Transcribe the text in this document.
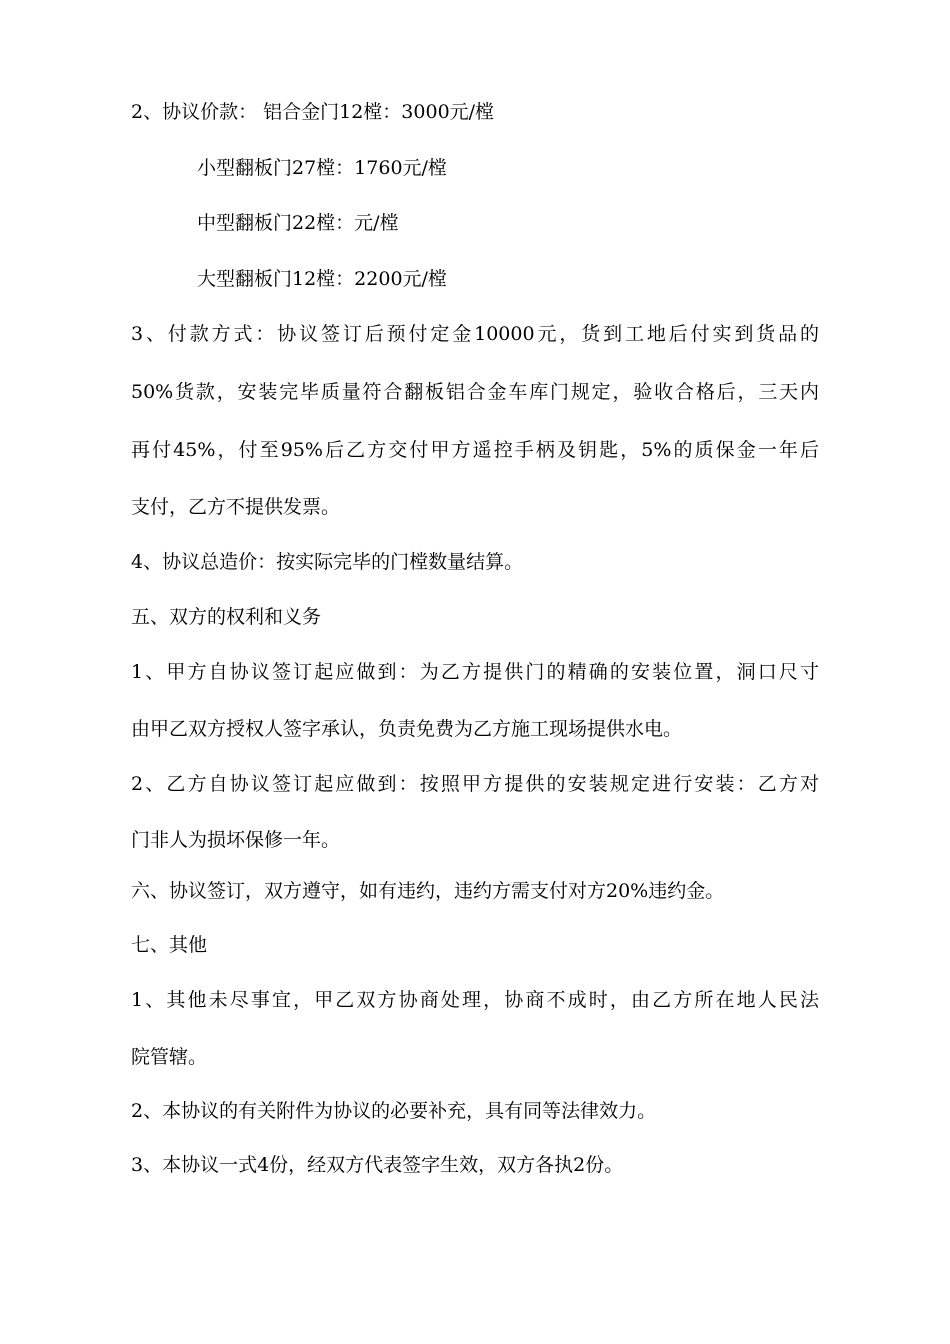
2、协议价款： 铝合金门12樘：3000元/樘
小型翻板门27樘：1760元/樘
中型翻板门22樘：元/樘
大型翻板门12樘：2200元/樘
3、付款方式：协议签订后预付定金10000元，货到工地后付实到货品的
50%货款，安装完毕质量符合翻板铝合金车库门规定，验收合格后，三天内
再付45%，付至95%后乙方交付甲方遥控手柄及钥匙，5%的质保金一年后
支付，乙方不提供发票。
4、协议总造价：按实际完毕的门樘数量结算。
五、双方的权利和义务
1、甲方自协议签订起应做到：为乙方提供门的精确的安装位置，洞口尺寸
由甲乙双方授权人签字承认，负责免费为乙方施工现场提供水电。
2、乙方自协议签订起应做到：按照甲方提供的安装规定进行安装：乙方对
门非人为损坏保修一年。
六、协议签订，双方遵守，如有违约，违约方需支付对方20%违约金。
七、其他
1、其他未尽事宜，甲乙双方协商处理，协商不成时，由乙方所在地人民法
院管辖。
2、本协议的有关附件为协议的必要补充，具有同等法律效力。
3、本协议一式4份，经双方代表签字生效，双方各执2份。
